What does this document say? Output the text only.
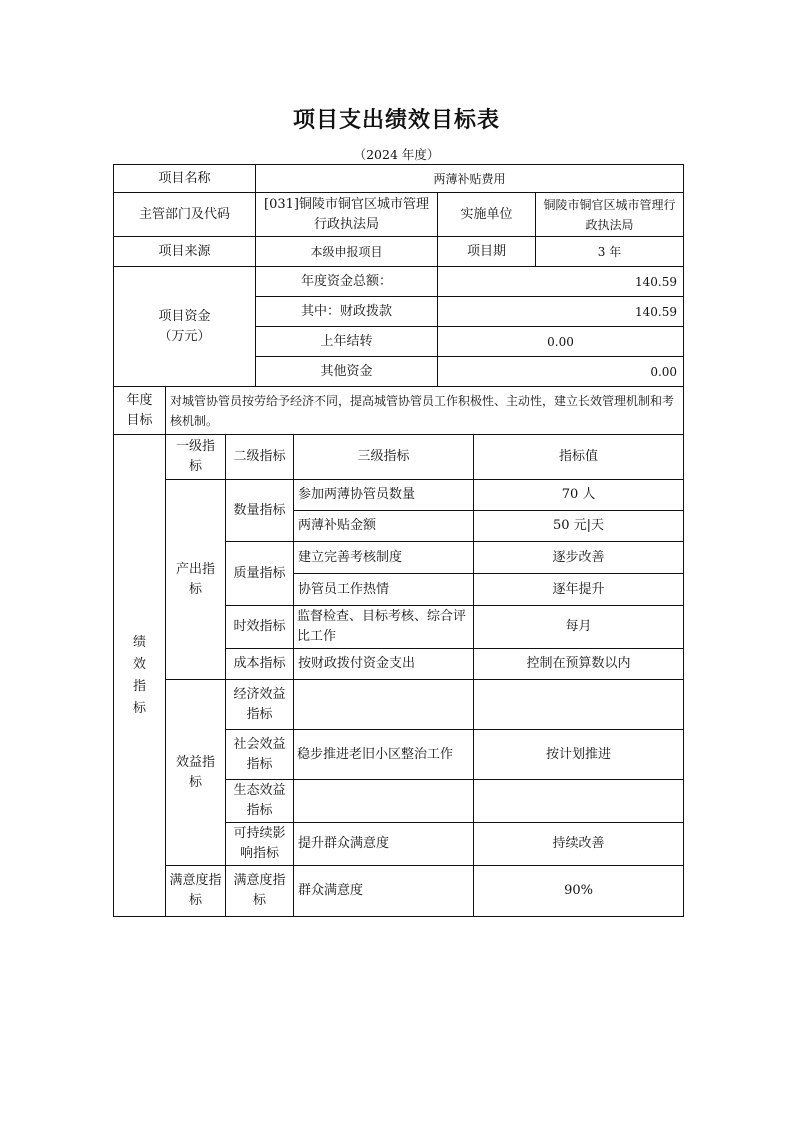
项目支出绩效目标表
（2024 年度）
项目名称			两薄补贴费用				
主管部门及代码			[031]铜陵市铜官区城市管理行政执法局		实施单位		铜陵市铜官区城市管理行政执法局
项目来源			本级申报项目		项目期		3 年

项目资金
（万元）			年度资金总额：		140.59		
			其中：财政拨款		140.59		
			上年结转		0.00		
			其他资金		0.00		

年度
目标	对城管协管员按劳给予经济不同，提高城管协管员工作积极性、主动性，建立长效管理机制和考核机制。						

绩效指标	一级指标	二级指标		三级指标		指标值	
	产出指标	数量指标		参加两薄协管员数量		70 人	
				两薄补贴金额		50 元|天	
		质量指标		建立完善考核制度		逐步改善	
				协管员工作热情		逐年提升	
		时效指标		监督检查、目标考核、综合评比工作		每月	
		成本指标		按财政拨付资金支出		控制在预算数以内	
	效益指标	经济效益指标					
		社会效益指标		稳步推进老旧小区整治工作		按计划推进	
		生态效益指标					
		可持续影响指标		提升群众满意度		持续改善	
	满意度指标	满意度指标		群众满意度		90%	
